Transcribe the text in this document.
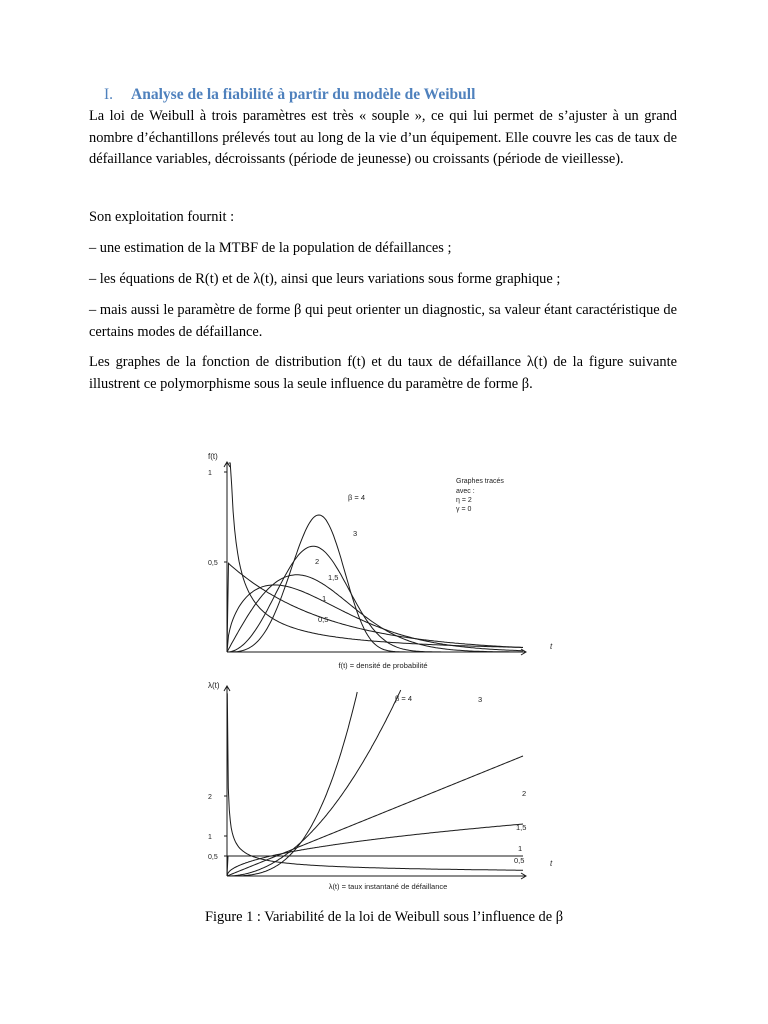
I. Analyse de la fiabilité à partir du modèle de Weibull

La loi de Weibull à trois paramètres est très « souple », ce qui lui permet de s’ajuster à un grand nombre d’échantillons prélevés tout au long de la vie d’un équipement. Elle couvre les cas de taux de défaillance variables, décroissants (période de jeunesse) ou croissants (période de vieillesse).

Son exploitation fournit :

– une estimation de la MTBF de la population de défaillances ;

– les équations de R(t) et de λ(t), ainsi que leurs variations sous forme graphique ;

– mais aussi le paramètre de forme β qui peut orienter un diagnostic, sa valeur étant caractéristique de certains modes de défaillance.

Les graphes de la fonction de distribution f(t) et du taux de défaillance λ(t) de la figure suivante illustrent ce polymorphisme sous la seule influence du paramètre de forme β.

f(t)
t
1
0,5
f(t) = densité de probabilité
Graphes tracés
avec :
η = 2
γ = 0
β = 4
3
2
1,5
1
0,5
λ(t)
t
2
1
0,5
λ(t) = taux instantané de défaillance
β = 4	3
2
1,5
1
0,5
Figure 1 : Variabilité de la loi de Weibull sous l’influence de β
